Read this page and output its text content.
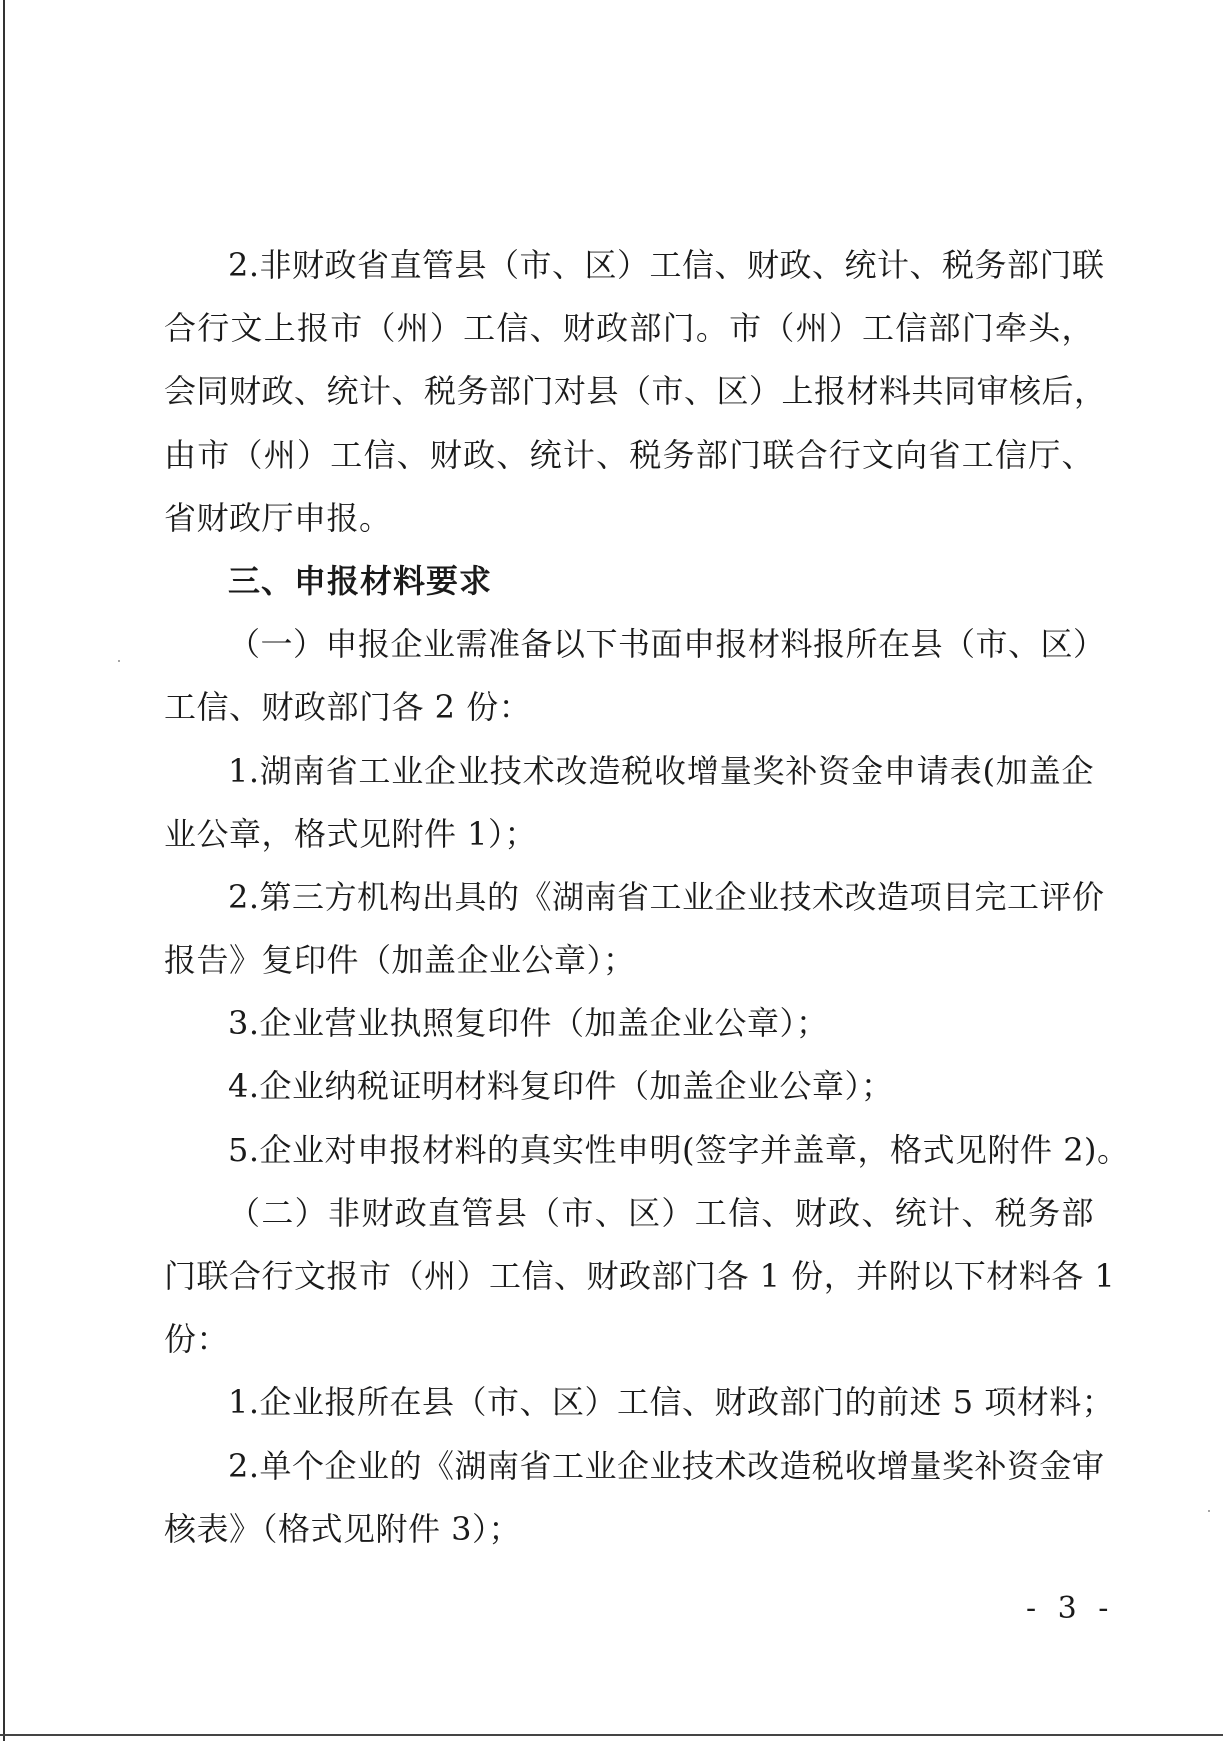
2.非财政省直管县（市、区）工信、财政、统计、税务部门联
合行文上报市（州）工信、财政部门。市（州）工信部门牵头，
会同财政、统计、税务部门对县（市、区）上报材料共同审核后，
由市（州）工信、财政、统计、税务部门联合行文向省工信厅、
省财政厅申报。
三、申报材料要求
（一）申报企业需准备以下书面申报材料报所在县（市、区）
工信、财政部门各 2 份：
1.湖南省工业企业技术改造税收增量奖补资金申请表(加盖企
业公章，格式见附件 1）；
2.第三方机构出具的《湖南省工业企业技术改造项目完工评价
报告》复印件（加盖企业公章）；
3.企业营业执照复印件（加盖企业公章）；
4.企业纳税证明材料复印件（加盖企业公章）；
5.企业对申报材料的真实性申明(签字并盖章，格式见附件 2)。
（二）非财政直管县（市、区）工信、财政、统计、税务部
门联合行文报市（州）工信、财政部门各 1 份，并附以下材料各 1
份：
1.企业报所在县（市、区）工信、财政部门的前述 5 项材料；
2.单个企业的《湖南省工业企业技术改造税收增量奖补资金审
核表》（格式见附件 3）；
- 3 -
